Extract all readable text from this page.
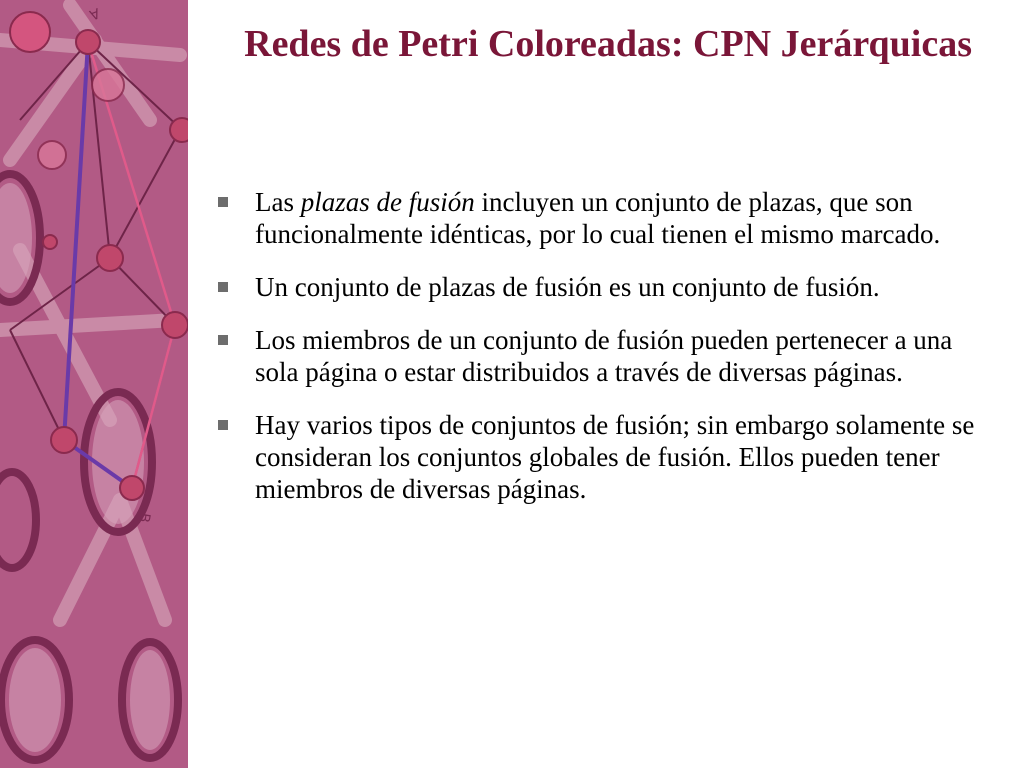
A
B
Redes de Petri Coloreadas: CPN Jerárquicas
Las plazas de fusión incluyen un conjunto de plazas, que son funcionalmente idénticas, por lo cual tienen el mismo marcado.
Un conjunto de plazas de fusión es un conjunto de fusión.
Los miembros de un conjunto de fusión pueden pertenecer a una sola página o estar distribuidos a través de diversas páginas.
Hay varios tipos de conjuntos de fusión; sin embargo solamente se consideran los conjuntos globales de fusión. Ellos pueden tener miembros de diversas páginas.
